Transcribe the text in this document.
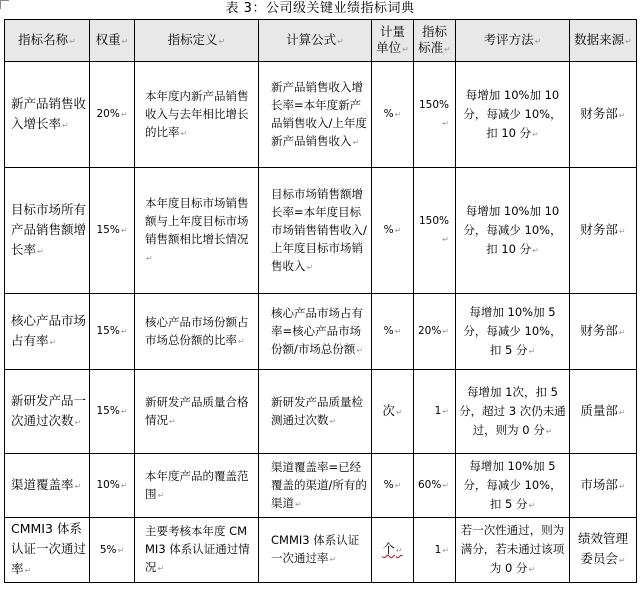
表 3：公司级关键业绩指标词典
指标名称 ↵	权重 ↵	指标定义 ↵	计算公式 ↵	计量单位 ↵	指标标准 ↵	考评方法 ↵	数据来源 ↵
新产品销售收入增长率 ↵	20% ↵	本年度内新产品销售收入与去年相比增长的比率 ↵	新产品销售收入增长率=本年度新产品销售收入/上年度新产品销售收入 ↵	% ↵	150% ↵	每增加 10%加 10 分，每减少 10%，扣 10 分 ↵	财务部 ↵
目标市场所有产品销售额增长率 ↵	15% ↵	本年度目标市场销售额与上年度目标市场销售额相比增长情况 ↵	目标市场销售额增长率=本年度目标市场销售销售收入/上年度目标市场销售收入 ↵	% ↵	150% ↵	每增加 10%加 10 分，每减少 10%，扣 10 分 ↵	财务部 ↵
核心产品市场占有率 ↵	15% ↵	核心产品市场份额占市场总份额的比率 ↵	核心产品市场占有率=核心产品市场份额/市场总份额 ↵	% ↵	20% ↵	每增加 10%加 5 分，每减少 10%，扣 5 分 ↵	财务部 ↵
新研发产品一次通过次数 ↵	15% ↵	新研发产品质量合格情况 ↵	新研发产品质量检测通过次数 ↵	次 ↵	1 ↵	每增加 1次，扣 5 分，超过 3 次仍未通过，则为 0 分 ↵	质量部 ↵
渠道覆盖率 ↵	10% ↵	本年度产品的覆盖范围 ↵	渠道覆盖率=已经覆盖的渠道/所有的渠道 ↵	% ↵	60% ↵	每增加 10%加 5 分，每减少 10%，扣 5 分 ↵	市场部 ↵
CMMI3 体系认证一次通过率 ↵	5% ↵	主要考核本年度 CMMI3 体系认证通过情况 ↵	CMMI3 体系认证一次通过率 ↵	个 ↵	1 ↵	若一次性通过，则为满分，若未通过该项为 0 分 ↵	绩效管理委员会 ↵
